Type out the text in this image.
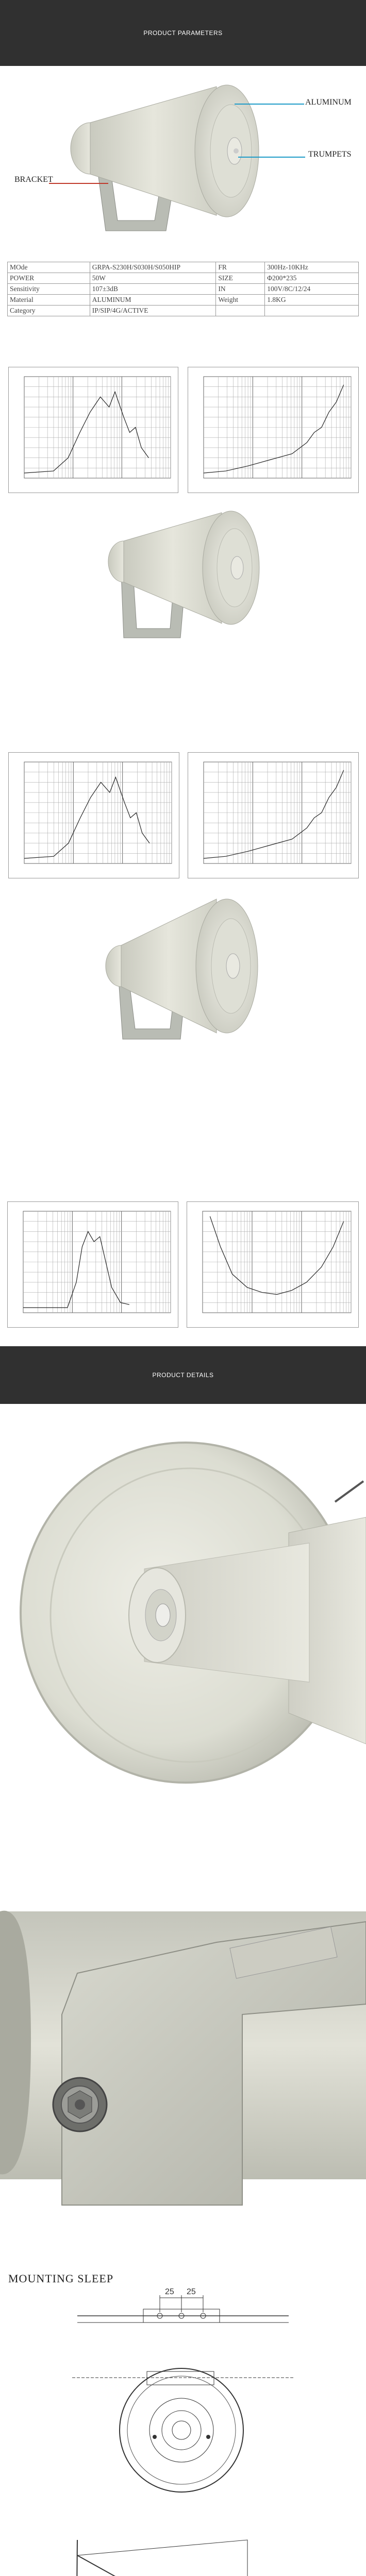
PRODUCT PARAMETERS
ALUMINUM
TRUMPETS
BRACKET
MOde	GRPA-S230H/S030H/S050HIP	FR	300Hz-10KHz
POWER	50W	SIZE	Φ200*235
Sensitivity	107±3dB	IN	100V/8C/12/24
Material	ALUMINUM	Weight	1.8KG
Category	IP/SIP/4G/ACTIVE		
PRODUCT DETAILS
MOUNTING SLEEP
25 25
